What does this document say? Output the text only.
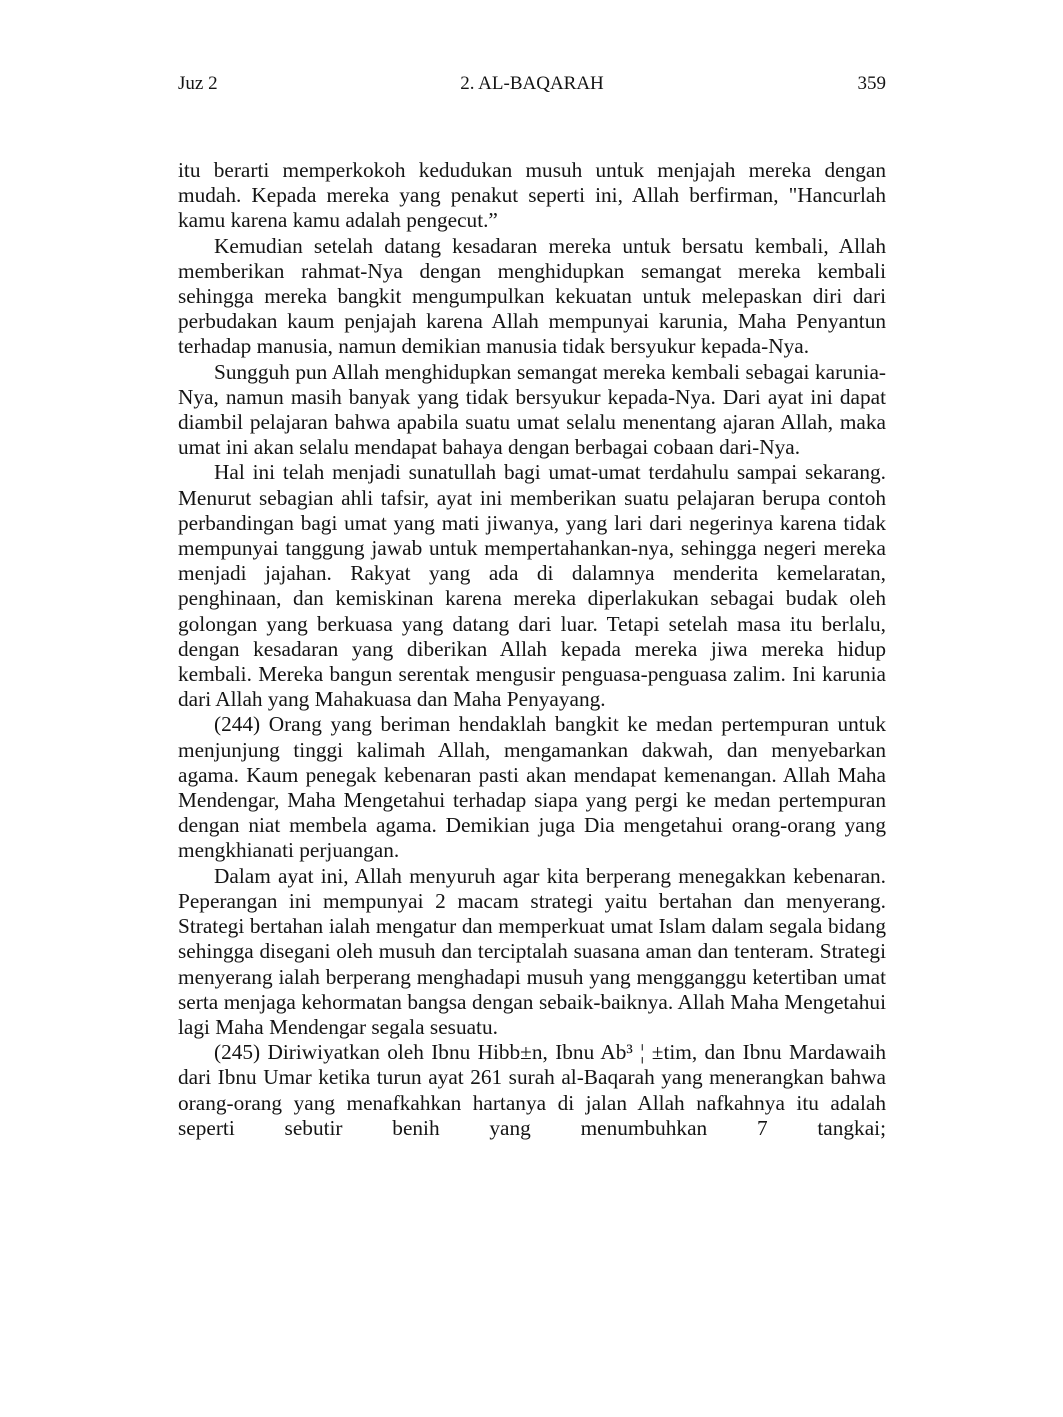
Juz 2	2. AL-BAQARAH	359

itu berarti memperkokoh kedudukan musuh untuk menjajah mereka dengan mudah. Kepada mereka yang penakut seperti ini, Allah berfirman, "Hancurlah kamu karena kamu adalah pengecut.”

Kemudian setelah datang kesadaran mereka untuk bersatu kembali, Allah memberikan rahmat-Nya dengan menghidupkan semangat mereka kembali sehingga mereka bangkit mengumpulkan kekuatan untuk melepaskan diri dari perbudakan kaum penjajah karena Allah mempunyai karunia, Maha Penyantun terhadap manusia, namun demikian manusia tidak bersyukur kepada-Nya.

Sungguh pun Allah menghidupkan semangat mereka kembali sebagai karunia-Nya, namun masih banyak yang tidak bersyukur kepada-Nya. Dari ayat ini dapat diambil pelajaran bahwa apabila suatu umat selalu menentang ajaran Allah, maka umat ini akan selalu mendapat bahaya dengan berbagai cobaan dari-Nya.

Hal ini telah menjadi sunatullah bagi umat-umat terdahulu sampai sekarang. Menurut sebagian ahli tafsir, ayat ini memberikan suatu pelajaran berupa contoh perbandingan bagi umat yang mati jiwanya, yang lari dari negerinya karena tidak mempunyai tanggung jawab untuk mempertahankan-nya, sehingga negeri mereka menjadi jajahan. Rakyat yang ada di dalamnya menderita kemelaratan, penghinaan, dan kemiskinan karena mereka diperlakukan sebagai budak oleh golongan yang berkuasa yang datang dari luar. Tetapi setelah masa itu berlalu, dengan kesadaran yang diberikan Allah kepada mereka jiwa mereka hidup kembali. Mereka bangun serentak mengusir penguasa-penguasa zalim. Ini karunia dari Allah yang Mahakuasa dan Maha Penyayang.

(244) Orang yang beriman hendaklah bangkit ke medan pertempuran untuk menjunjung tinggi kalimah Allah, mengamankan dakwah, dan menyebarkan agama. Kaum penegak kebenaran pasti akan mendapat kemenangan. Allah Maha Mendengar, Maha Mengetahui terhadap siapa yang pergi ke medan pertempuran dengan niat membela agama. Demikian juga Dia mengetahui orang-orang yang mengkhianati perjuangan.

Dalam ayat ini, Allah menyuruh agar kita berperang menegakkan kebenaran. Peperangan ini mempunyai 2 macam strategi yaitu bertahan dan menyerang. Strategi bertahan ialah mengatur dan memperkuat umat Islam dalam segala bidang sehingga disegani oleh musuh dan terciptalah suasana aman dan tenteram. Strategi menyerang ialah berperang menghadapi musuh yang mengganggu ketertiban umat serta menjaga kehormatan bangsa dengan sebaik-baiknya. Allah Maha Mengetahui lagi Maha Mendengar segala sesuatu.

(245) Diriwiyatkan oleh Ibnu Hibb±n, Ibnu Ab³ ¦ ±tim, dan Ibnu Mardawaih dari Ibnu Umar ketika turun ayat 261 surah al-Baqarah yang menerangkan bahwa orang-orang yang menafkahkan hartanya di jalan Allah nafkahnya itu adalah seperti sebutir benih yang menumbuhkan 7 tangkai;
